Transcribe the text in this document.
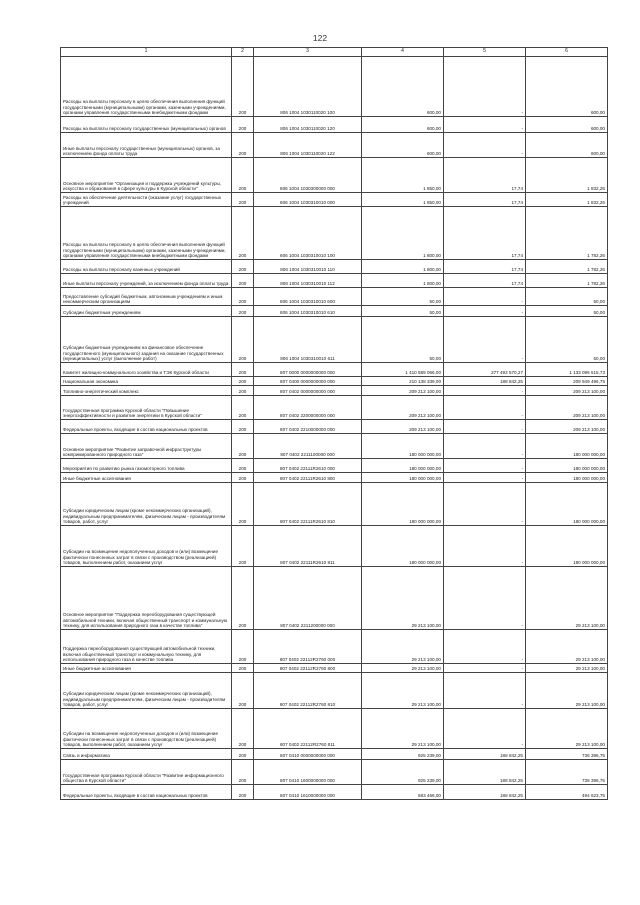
122
1	2	3	4	5	6
Расходы на выплаты персоналу в целях обеспечения выполнения функций государственными (муниципальными) органами, казенными учреждениями, органами управления государственными внебюджетными фондами	200	806 1004 1030110020 100	600,00	-	600,00
Расходы на выплаты персоналу государственных (муниципальных) органов	200	806 1004 1030110020 120	600,00	-	600,00
Иные выплаты персоналу государственных (муниципальных) органов, за исключением фонда оплаты труда	200	806 1004 1030110020 122	600,00	-	600,00
Основное мероприятие "Организация и поддержка учреждений культуры, искусства и образования в сфере культуры в Курской области"	200	806 1004 1030300000 000	1 850,00	17,74	1 832,26
Расходы на обеспечение деятельности (оказание услуг) государственных учреждений	200	806 1004 1030310010 000	1 850,00	17,74	1 832,26
Расходы на выплаты персоналу в целях обеспечения выполнения функций государственными (муниципальными) органами, казенными учреждениями, органами управления государственными внебюджетными фондами	200	806 1004 1030310010 100	1 800,00	17,74	1 782,26
Расходы на выплаты персоналу казенных учреждений	200	806 1004 1030310010 110	1 800,00	17,74	1 782,26
Иные выплаты персоналу учреждений, за исключением фонда оплаты труда	200	806 1004 1030310010 112	1 800,00	17,74	1 782,26
Предоставление субсидий бюджетным, автономным учреждениям и иным некоммерческим организациям	200	806 1004 1030310010 600	50,00	-	50,00
Субсидии бюджетным учреждениям	200	806 1004 1030310010 610	50,00	-	50,00
Субсидии бюджетным учреждениям на финансовое обеспечение государственного (муниципального) задания на оказание государственных (муниципальных) услуг (выполнение работ)	200	806 1004 1030310010 611	50,00	-	50,00
Комитет жилищно-коммунального хозяйства и ТЭК Курской области	200	807 0000 0000000000 000	1 410 589 066,00	277 492 570,27	1 133 096 515,73
Национальная экономика	200	807 0400 0000000000 000	210 138 339,00	188 842,25	209 949 496,75
Топливно-энергетический комплекс	200	807 0402 0000000000 000	209 213 100,00	-	209 213 100,00
Государственная программа Курской области "Повышение энергоэффективности и развитие энергетики в Курской области"	200	807 0402 2200000000 000	209 213 100,00	-	209 213 100,00
Федеральные проекты, входящие в состав национальных проектов	200	807 0402 2210000000 000	209 213 100,00	-	209 213 100,00
Основное мероприятие "Развитие заправочной инфраструктуры компримированного природного газа"	200	807 0402 2211100000 000	180 000 000,00	-	180 000 000,00
Мероприятия по развитию рынка газомоторного топлива	200	807 0402 22111R2610 000	180 000 000,00	-	180 000 000,00
Иные бюджетные ассигнования	200	807 0402 22111R2610 800	180 000 000,00	-	180 000 000,00
Субсидии юридическим лицам (кроме некоммерческих организаций), индивидуальным предпринимателям, физическим лицам - производителям товаров, работ, услуг	200	807 0402 22111R2610 810	180 000 000,00	-	180 000 000,00
Субсидии на возмещение недополученных доходов и (или) возмещение фактически понесенных затрат в связи с производством (реализацией) товаров, выполнением работ, оказанием услуг	200	807 0402 22111R2610 811	180 000 000,00	-	180 000 000,00
Основное мероприятие "Поддержка переоборудования существующей автомобильной техники, включая общественный транспорт и коммунальную технику, для использования природного газа в качестве топлива"	200	807 0402 2211200000 000	29 213 100,00	-	29 213 100,00
Поддержка переоборудования существующей автомобильной техники, включая общественный транспорт и коммунальную технику, для использования природного газа в качестве топлива	200	807 0402 22112R2760 000	29 213 100,00	-	29 213 100,00
Иные бюджетные ассигнования	200	807 0402 22112R2760 800	29 213 100,00	-	29 213 100,00
Субсидии юридическим лицам (кроме некоммерческих организаций), индивидуальным предпринимателям, физическим лицам - производителям товаров, работ, услуг	200	807 0402 22112R2760 810	29 213 100,00	-	29 213 100,00
Субсидии на возмещение недополученных доходов и (или) возмещение фактически понесенных затрат в связи с производством (реализацией) товаров, выполнением работ, оказанием услуг	200	807 0402 22112R2760 811	29 213 100,00	-	29 213 100,00
Связь и информатика	200	807 0410 0000000000 000	925 239,00	188 842,25	736 396,75
Государственная программа Курской области "Развитие информационного общества в Курской области"	200	807 0410 1600000000 000	925 239,00	188 842,25	736 396,75
Федеральные проекты, входящие в состав национальных проектов	200	807 0410 1610000000 000	683 466,00	188 842,25	494 623,75
